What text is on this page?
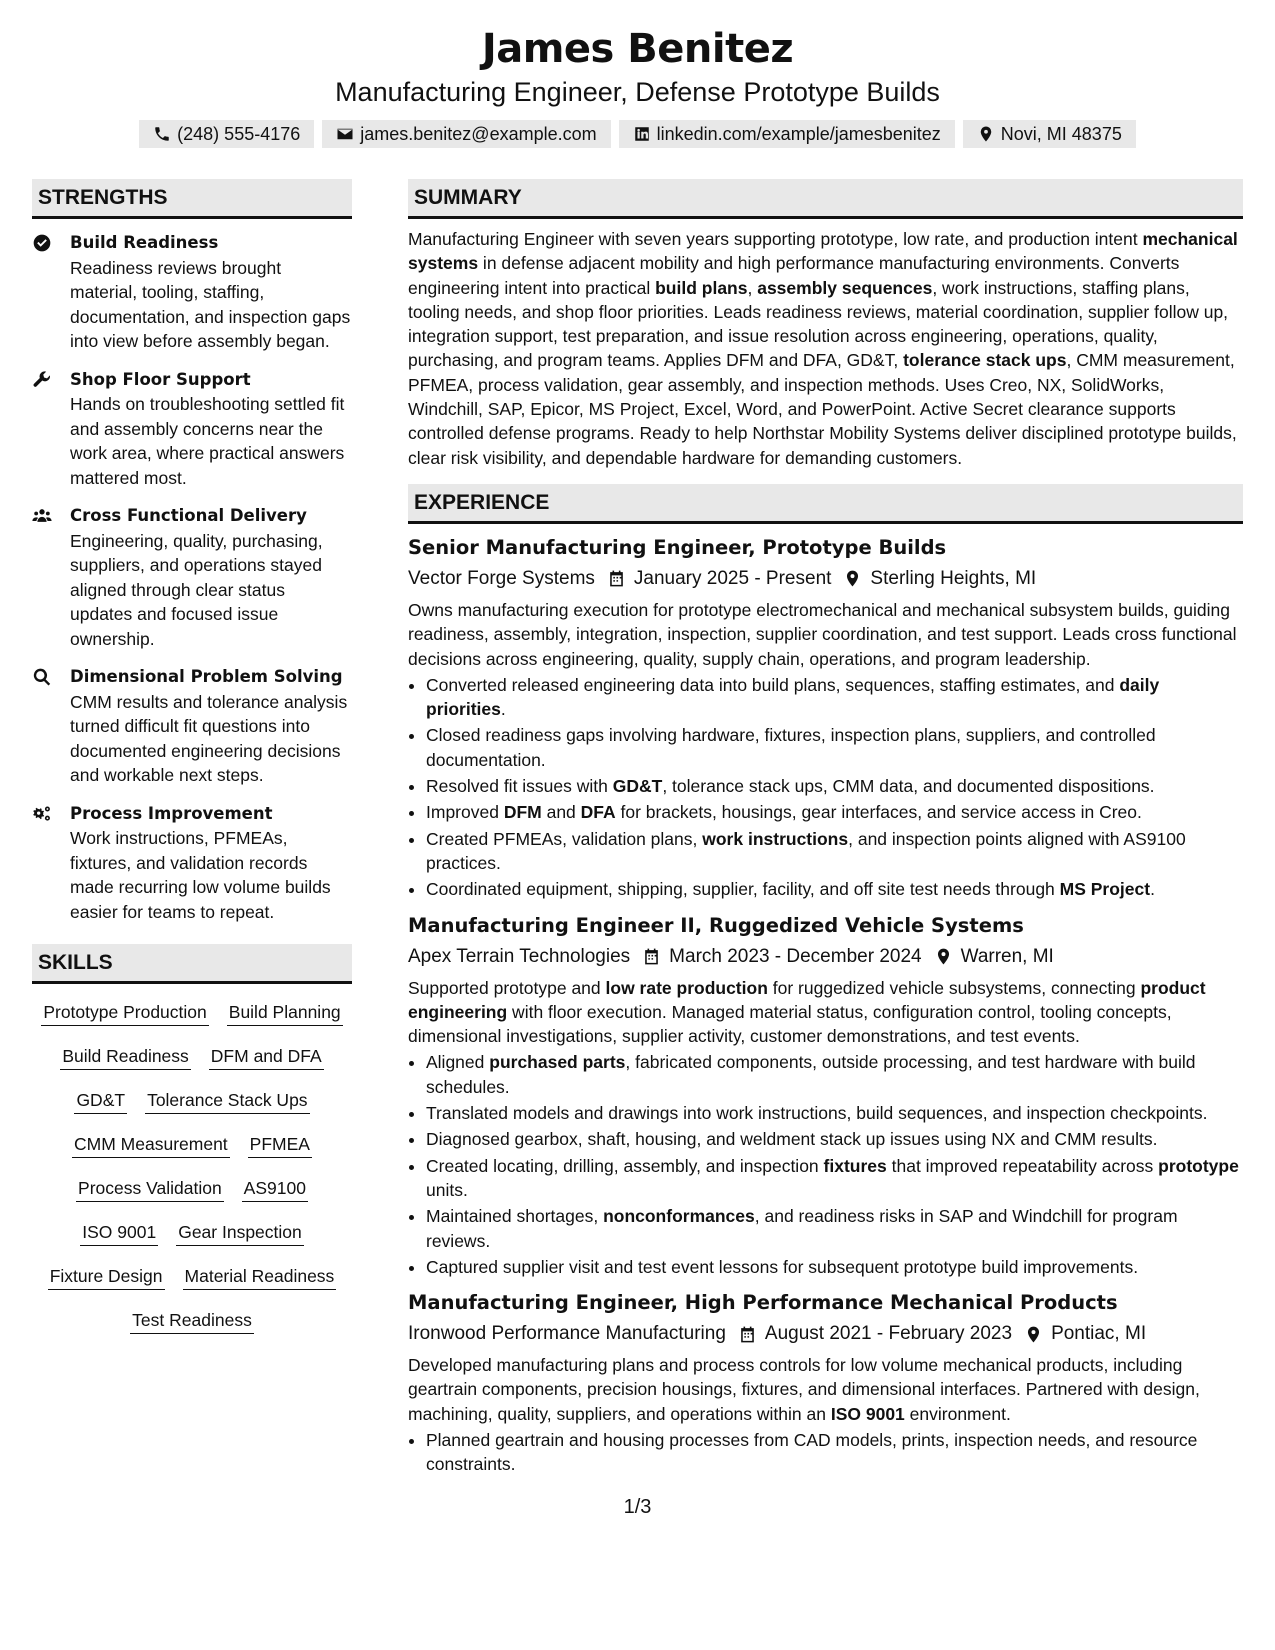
James Benitez
Manufacturing Engineer, Defense Prototype Builds
(248) 555-4176	james.benitez@example.com	linkedin.com/example/jamesbenitez	Novi, MI 48375
STRENGTHS
Build Readiness
Readiness reviews brought material, tooling, staffing, documentation, and inspection gaps into view before assembly began.
Shop Floor Support
Hands on troubleshooting settled fit and assembly concerns near the work area, where practical answers mattered most.
Cross Functional Delivery
Engineering, quality, purchasing, suppliers, and operations stayed aligned through clear status updates and focused issue ownership.
Dimensional Problem Solving
CMM results and tolerance analysis turned difficult fit questions into documented engineering decisions and workable next steps.
Process Improvement
Work instructions, PFMEAs, fixtures, and validation records made recurring low volume builds easier for teams to repeat.
SKILLS
Prototype Production Build Planning
Build Readiness DFM and DFA
GD&T Tolerance Stack Ups
CMM Measurement PFMEA
Process Validation AS9100
ISO 9001 Gear Inspection
Fixture Design Material Readiness
Test Readiness
SUMMARY
Manufacturing Engineer with seven years supporting prototype, low rate, and production intent mechanical systems in defense adjacent mobility and high performance manufacturing environments. Converts engineering intent into practical build plans, assembly sequences, work instructions, staffing plans, tooling needs, and shop floor priorities. Leads readiness reviews, material coordination, supplier follow up, integration support, test preparation, and issue resolution across engineering, operations, quality, purchasing, and program teams. Applies DFM and DFA, GD&T, tolerance stack ups, CMM measurement, PFMEA, process validation, gear assembly, and inspection methods. Uses Creo, NX, SolidWorks, Windchill, SAP, Epicor, MS Project, Excel, Word, and PowerPoint. Active Secret clearance supports controlled defense programs. Ready to help Northstar Mobility Systems deliver disciplined prototype builds, clear risk visibility, and dependable hardware for demanding customers.
EXPERIENCE
Senior Manufacturing Engineer, Prototype Builds
Vector Forge Systems January 2025 - Present Sterling Heights, MI
Owns manufacturing execution for prototype electromechanical and mechanical subsystem builds, guiding readiness, assembly, integration, inspection, supplier coordination, and test support. Leads cross functional decisions across engineering, quality, supply chain, operations, and program leadership.
• Converted released engineering data into build plans, sequences, staffing estimates, and daily priorities.
• Closed readiness gaps involving hardware, fixtures, inspection plans, suppliers, and controlled documentation.
• Resolved fit issues with GD&T, tolerance stack ups, CMM data, and documented dispositions.
• Improved DFM and DFA for brackets, housings, gear interfaces, and service access in Creo.
• Created PFMEAs, validation plans, work instructions, and inspection points aligned with AS9100 practices.
• Coordinated equipment, shipping, supplier, facility, and off site test needs through MS Project.
Manufacturing Engineer II, Ruggedized Vehicle Systems
Apex Terrain Technologies March 2023 - December 2024 Warren, MI
Supported prototype and low rate production for ruggedized vehicle subsystems, connecting product engineering with floor execution. Managed material status, configuration control, tooling concepts, dimensional investigations, supplier activity, customer demonstrations, and test events.
• Aligned purchased parts, fabricated components, outside processing, and test hardware with build schedules.
• Translated models and drawings into work instructions, build sequences, and inspection checkpoints.
• Diagnosed gearbox, shaft, housing, and weldment stack up issues using NX and CMM results.
• Created locating, drilling, assembly, and inspection fixtures that improved repeatability across prototype units.
• Maintained shortages, nonconformances, and readiness risks in SAP and Windchill for program reviews.
• Captured supplier visit and test event lessons for subsequent prototype build improvements.
Manufacturing Engineer, High Performance Mechanical Products
Ironwood Performance Manufacturing August 2021 - February 2023 Pontiac, MI
Developed manufacturing plans and process controls for low volume mechanical products, including geartrain components, precision housings, fixtures, and dimensional interfaces. Partnered with design, machining, quality, suppliers, and operations within an ISO 9001 environment.
• Planned geartrain and housing processes from CAD models, prints, inspection needs, and resource constraints.
1/3
